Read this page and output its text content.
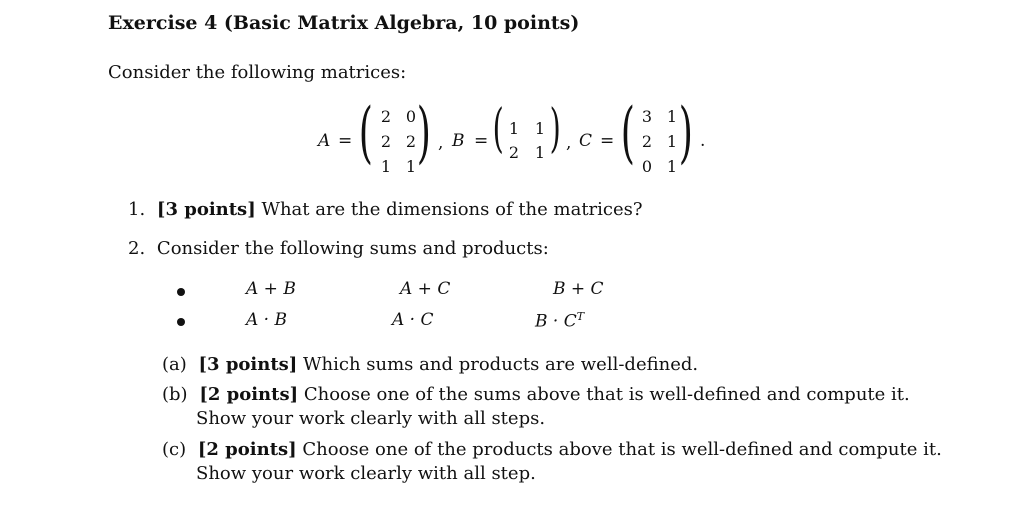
Exercise 4 (Basic Matrix Algebra, 10 points)
Consider the following matrices:
A = ( )
2 0
2 2
1 1
, B = ( )
1 1
2 1 , C = ( )
3 1
2 1
0 1
.
1. [3 points] What are the dimensions of the matrices?
2. Consider the following sums and products:
A + B	A + C	B + C
A · B	A · C	$B \cdot C^T$
(a) [3 points] Which sums and products are well-defined.
(b) [2 points] Choose one of the sums above that is well-defined and compute it.
Show your work clearly with all steps.
(c) [2 points] Choose one of the products above that is well-defined and compute it.
Show your work clearly with all step.
